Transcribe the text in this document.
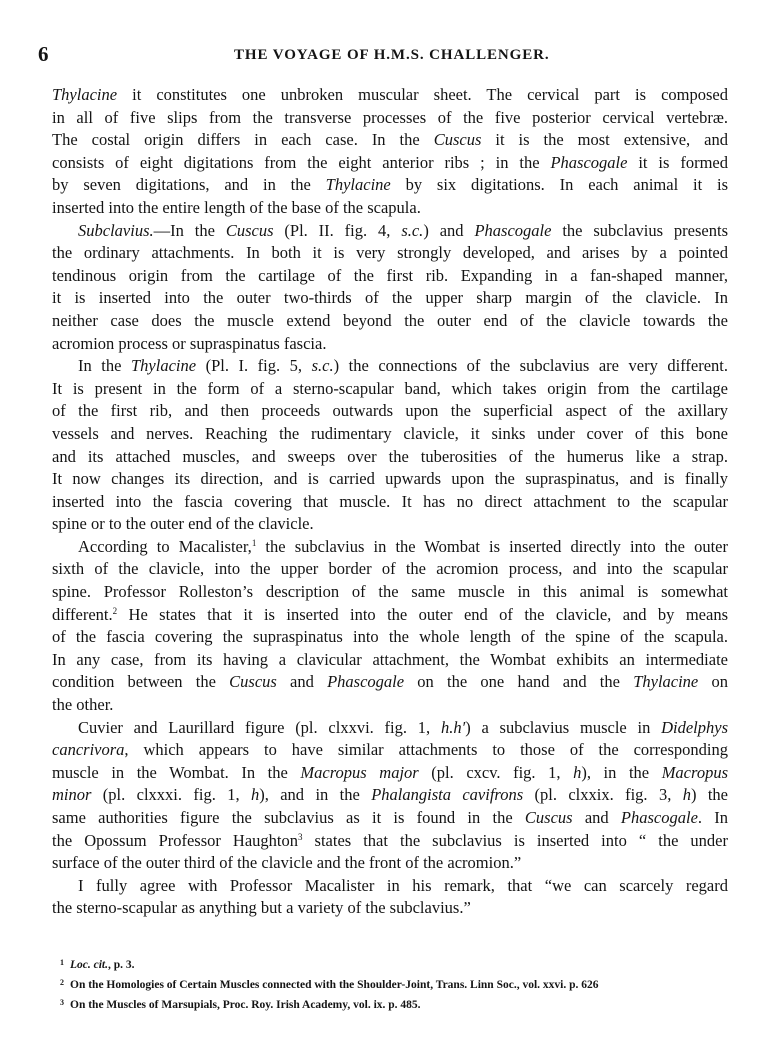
6	THE VOYAGE OF H.M.S. CHALLENGER.
Thylacine it constitutes one unbroken muscular sheet. The cervical part is composed
in all of five slips from the transverse processes of the five posterior cervical vertebræ.
The costal origin differs in each case. In the Cuscus it is the most extensive, and
consists of eight digitations from the eight anterior ribs ; in the Phascogale it is formed
by seven digitations, and in the Thylacine by six digitations. In each animal it is
inserted into the entire length of the base of the scapula.
Subclavius.—In the Cuscus (Pl. II. fig. 4, s.c.) and Phascogale the subclavius presents
the ordinary attachments. In both it is very strongly developed, and arises by a pointed
tendinous origin from the cartilage of the first rib. Expanding in a fan-shaped manner,
it is inserted into the outer two-thirds of the upper sharp margin of the clavicle. In
neither case does the muscle extend beyond the outer end of the clavicle towards the
acromion process or supraspinatus fascia.
In the Thylacine (Pl. I. fig. 5, s.c.) the connections of the subclavius are very different.
It is present in the form of a sterno-scapular band, which takes origin from the cartilage
of the first rib, and then proceeds outwards upon the superficial aspect of the axillary
vessels and nerves. Reaching the rudimentary clavicle, it sinks under cover of this bone
and its attached muscles, and sweeps over the tuberosities of the humerus like a strap.
It now changes its direction, and is carried upwards upon the supraspinatus, and is finally
inserted into the fascia covering that muscle. It has no direct attachment to the scapular
spine or to the outer end of the clavicle.
According to Macalister,$^1$ the subclavius in the Wombat is inserted directly into the outer
sixth of the clavicle, into the upper border of the acromion process, and into the scapular
spine. Professor Rolleston’s description of the same muscle in this animal is somewhat
different.$^2$ He states that it is inserted into the outer end of the clavicle, and by means
of the fascia covering the supraspinatus into the whole length of the spine of the scapula.
In any case, from its having a clavicular attachment, the Wombat exhibits an intermediate
condition between the Cuscus and Phascogale on the one hand and the Thylacine on
the other.
Cuvier and Laurillard figure (pl. clxxvi. fig. 1, h.h′) a subclavius muscle in Didelphys
cancrivora, which appears to have similar attachments to those of the corresponding
muscle in the Wombat. In the Macropus major (pl. cxcv. fig. 1, h), in the Macropus
minor (pl. clxxxi. fig. 1, h), and in the Phalangista cavifrons (pl. clxxix. fig. 3, h) the
same authorities figure the subclavius as it is found in the Cuscus and Phascogale. In
the Opossum Professor Haughton$^3$ states that the subclavius is inserted into “ the under
surface of the outer third of the clavicle and the front of the acromion.”
I fully agree with Professor Macalister in his remark, that “we can scarcely regard
the sterno-scapular as anything but a variety of the subclavius.”
$^1$ Loc. cit., p. 3.
$^2$ On the Homologies of Certain Muscles connected with the Shoulder-Joint, Trans. Linn Soc., vol. xxvi. p. 626
$^3$ On the Muscles of Marsupials, Proc. Roy. Irish Academy, vol. ix. p. 485.
